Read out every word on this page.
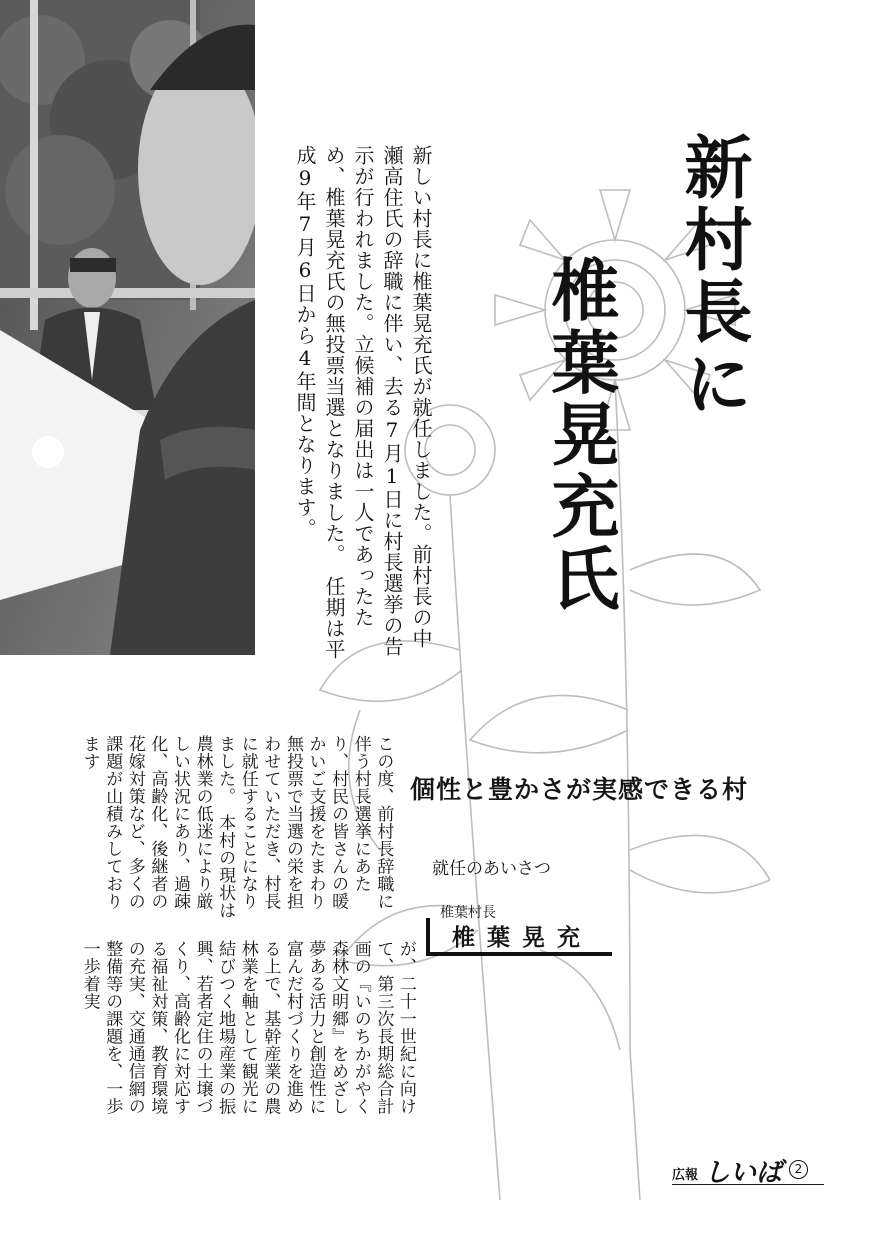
新村長に
椎葉晃充氏
新しい村長に椎葉晃充氏が就任しました。前村長の中瀬高住氏の辞職に伴い、去る7月1日に村長選挙の告示が行われました。立候補の届出は一人であったため、椎葉晃充氏の無投票当選となりました。　任期は平成9年7月6日から4年間となります。
個性と豊かさが実感できる村
就任のあいさつ
椎葉村長
椎葉晃充
この度、前村長辞職に伴う村長選挙にあたり、村民の皆さんの暖かいご支援をたまわり無投票で当選の栄を担わせていただき、村長に就任することになりました。　本村の現状は農林業の低迷により厳しい状況にあり、過疎化、高齢化、後継者の花嫁対策など、多くの課題が山積みしております
が、二十一世紀に向けて、第三次長期総合計画の『いのちかがやく森林文明郷』をめざし夢ある活力と創造性に富んだ村づくりを進める上で、基幹産業の農林業を軸として観光に結びつく地場産業の振興、若者定住の土壌づくり、高齢化に対応する福祉対策、教育環境の充実、交通通信網の整備等の課題を、一歩一歩着実
広報 しいば	2
